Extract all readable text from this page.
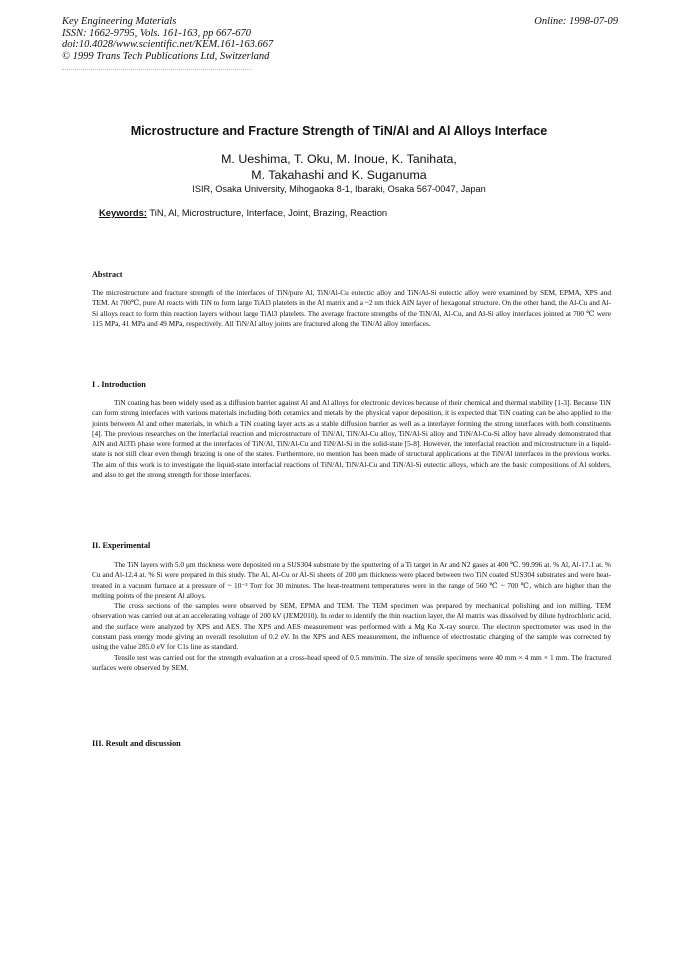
Key Engineering Materials
ISSN: 1662-9795, Vols. 161-163, pp 667-670
doi:10.4028/www.scientific.net/KEM.161-163.667
© 1999 Trans Tech Publications Ltd, Switzerland
Online: 1998-07-09
Microstructure and Fracture Strength of TiN/Al and Al Alloys Interface
M. Ueshima, T. Oku, M. Inoue, K. Tanihata,
M. Takahashi and K. Suganuma
ISIR, Osaka University, Mihogaoka 8-1, Ibaraki, Osaka 567-0047, Japan
Keywords: TiN, Al, Microstructure, Interface, Joint, Brazing, Reaction
Abstract

The microstructure and fracture strength of the interfaces of TiN/pure Al, TiN/Al-Cu eutectic alloy and TiN/Al-Si eutectic alloy were examined by SEM, EPMA, XPS and TEM. At 700℃, pure Al reacts with TiN to form large TiAl3 platelets in the Al matrix and a ~2 nm thick AlN layer of hexagonal structure. On the other hand, the Al-Cu and Al-Si alloys react to form thin reaction layers without large TiAl3 platelets. The average fracture strengths of the TiN/Al, Al-Cu, and Al-Si alloy interfaces jointed at 700 ℃ were 115 MPa, 41 MPa and 49 MPa, respectively. All TiN/Al alloy joints are fractured along the TiN/Al alloy interfaces.

I . Introduction

TiN coating has been widely used as a diffusion barrier against Al and Al alloys for electronic devices because of their chemical and thermal stability [1-3]. Because TiN can form strong interfaces with various materials including both ceramics and metals by the physical vapor deposition, it is expected that TiN coating can be also applied to the joints between Al and other materials, in which a TiN coating layer acts as a stable diffusion barrier as well as a interlayer forming the strong interfaces with both constituents [4]. The previous researches on the interfacial reaction and microstructure of TiN/Al, TiN/Al-Cu alloy, TiN/Al-Si alloy and TiN/Al-Cu-Si alloy have already demonstrated that AlN and Al3Ti phase were formed at the interfaces of TiN/Al, TiN/Al-Cu and TiN/Al-Si in the solid-state [5-8]. However, the interfacial reaction and microstructure in a liquid-state is not still clear even though brazing is one of the states. Furthermore, no mention has been made of structural applications at the TiN/Al interfaces in the previous works. The aim of this work is to investigate the liquid-state interfacial reactions of TiN/Al, TiN/Al-Cu and TiN/Al-Si eutectic alloys, which are the basic compositions of Al solders, and also to get the strong strength for those interfaces.

II. Experimental

The TiN layers with 5.0 μm thickness were deposited on a SUS304 substrate by the sputtering of a Ti target in Ar and N2 gases at 400 ℃. 99.996 at. % Al, Al-17.1 at. % Cu and Al-12.4 at. % Si were prepared in this study. The Al, Al-Cu or Al-Si sheets of 200 μm thickness were placed between two TiN coated SUS304 substrates and were heat-treated in a vacuum furnace at a pressure of ~ 10⁻³ Torr for 30 minutes. The heat-treatment temperatures were in the range of 560 ℃ ~ 700 ℃, which are higher than the melting points of the present Al alloys.

The cross sections of the samples were observed by SEM, EPMA and TEM. The TEM specimen was prepared by mechanical polishing and ion milling. TEM observation was carried out at an accelerating voltage of 200 kV (JEM2010). In order to identify the thin reaction layer, the Al matrix was dissolved by dilute hydrochloric acid, and the surface were analyzed by XPS and AES. The XPS and AES measurement was performed with a Mg Kα X-ray source. The electron spectrometer was used in the constant pass energy mode giving an overall resolution of 0.2 eV. In the XPS and AES measurement, the influence of electrostatic charging of the sample was corrected by using the value 285.0 eV for C1s line as standard.

Tensile test was carried out for the strength evaluation at a cross-head speed of 0.5 mm/min. The size of tensile specimens were 40 mm × 4 mm × 1 mm. The fractured surfaces were observed by SEM.

III. Result and discussion
